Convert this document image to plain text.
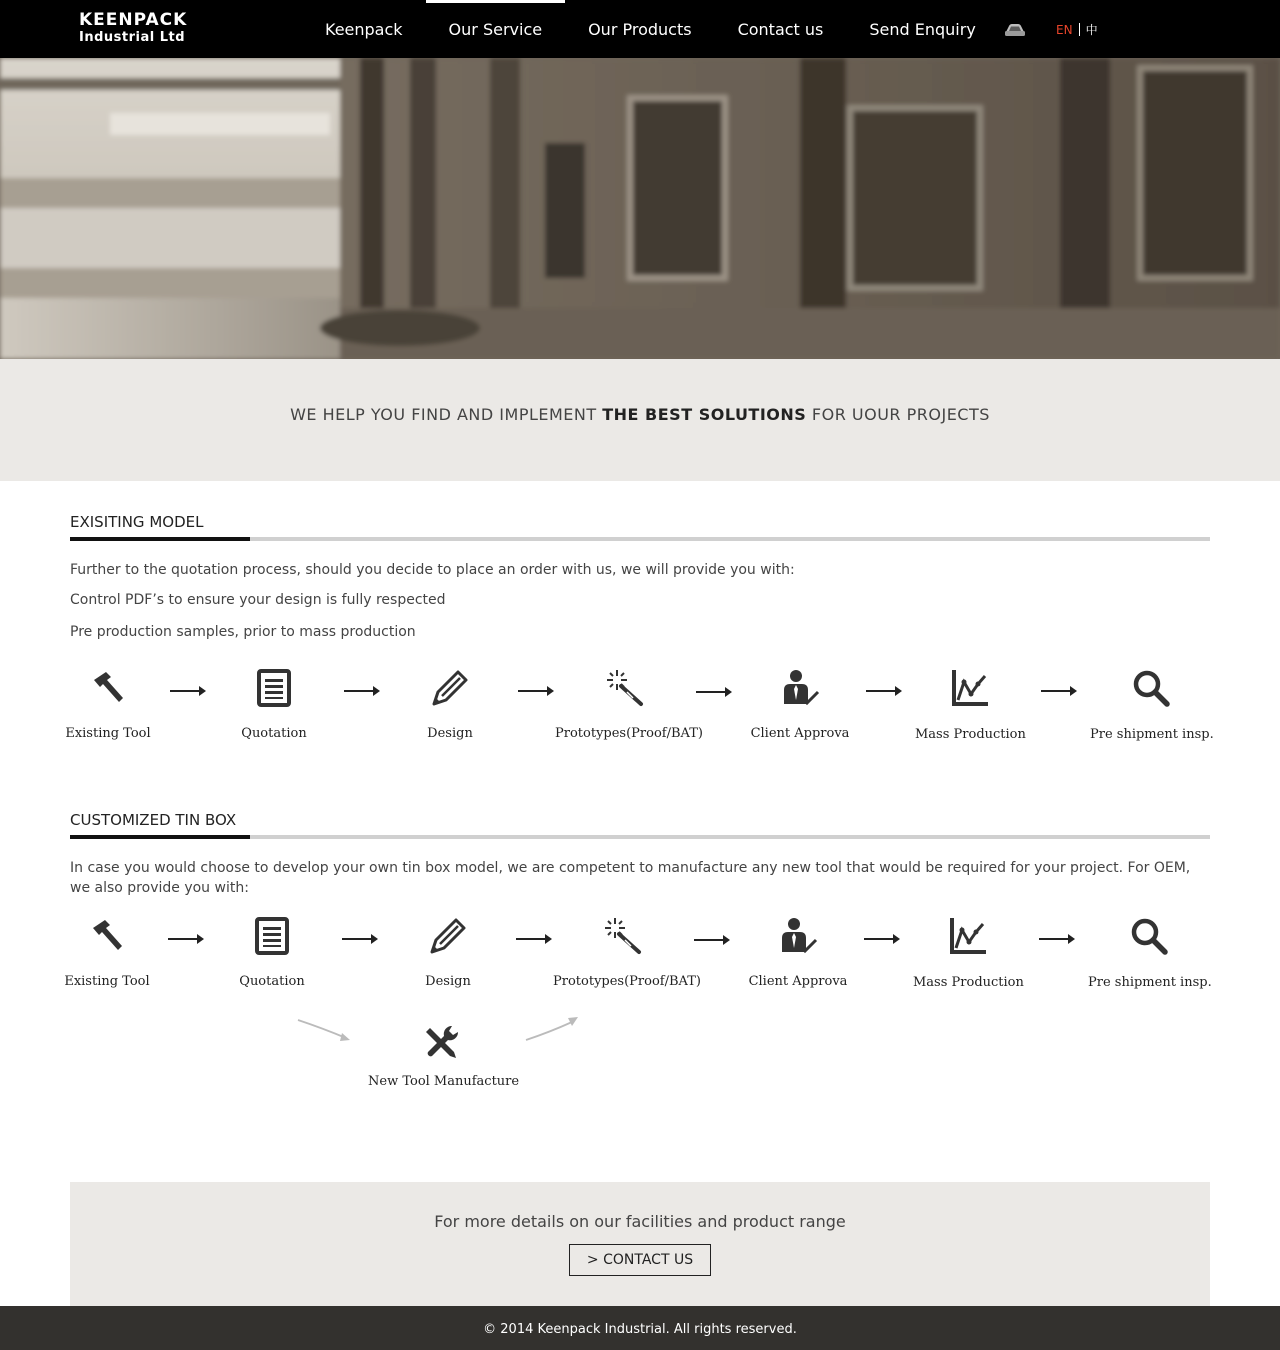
KEENPACK
Industrial Ltd	Keenpack	Our Service	Our Products	Contact us	Send Enquiry	EN 中

WE HELP YOU FIND AND IMPLEMENT THE BEST SOLUTIONS FOR UOUR PROJECTS

EXISITING MODEL
Further to the quotation process, should you decide to place an order with us, we will provide you with:
Control PDF’s to ensure your design is fully respected
Pre production samples, prior to mass production
Existing Tool	Quotation	Design	Prototypes(Proof/BAT)	Client Approva	Mass Production	Pre shipment insp.
CUSTOMIZED TIN BOX
In case you would choose to develop your own tin box model, we are competent to manufacture any new tool that would be required for your project. For OEM, we also provide you with:
Existing Tool	Quotation	Design	Prototypes(Proof/BAT)	Client Approva	Mass Production	Pre shipment insp.
New Tool Manufacture
For more details on our facilities and product range
> CONTACT US
© 2014 Keenpack Industrial. All rights reserved.
